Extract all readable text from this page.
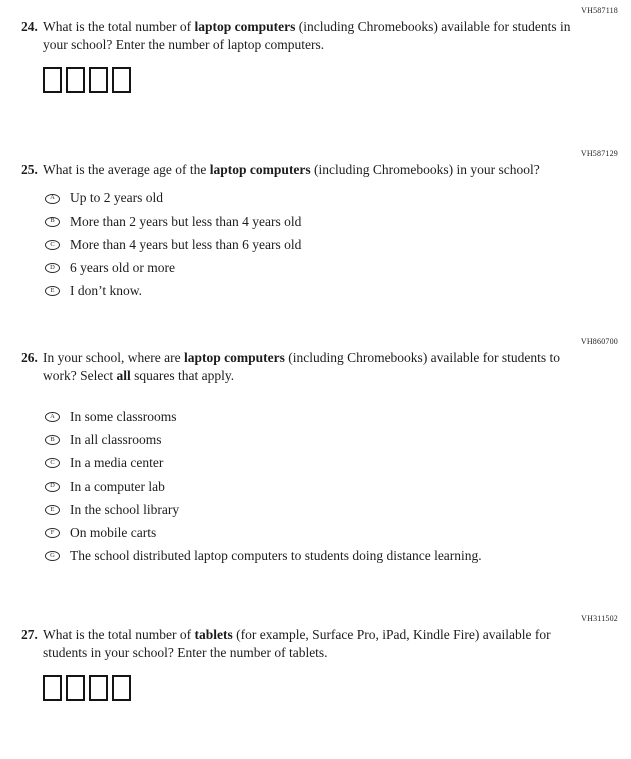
VH587118
24. What is the total number of laptop computers (including Chromebooks) available for students in your school? Enter the number of laptop computers.

VH587129
25. What is the average age of the laptop computers (including Chromebooks) in your school?

A Up to 2 years old
B More than 2 years but less than 4 years old
C More than 4 years but less than 6 years old
D 6 years old or more
E I don’t know.
VH860700
26. In your school, where are laptop computers (including Chromebooks) available for students to work? Select all squares that apply.

A In some classrooms
B In all classrooms
C In a media center
D In a computer lab
E In the school library
F On mobile carts
G The school distributed laptop computers to students doing distance learning.
VH311502
27. What is the total number of tablets (for example, Surface Pro, iPad, Kindle Fire) available for students in your school? Enter the number of tablets.
